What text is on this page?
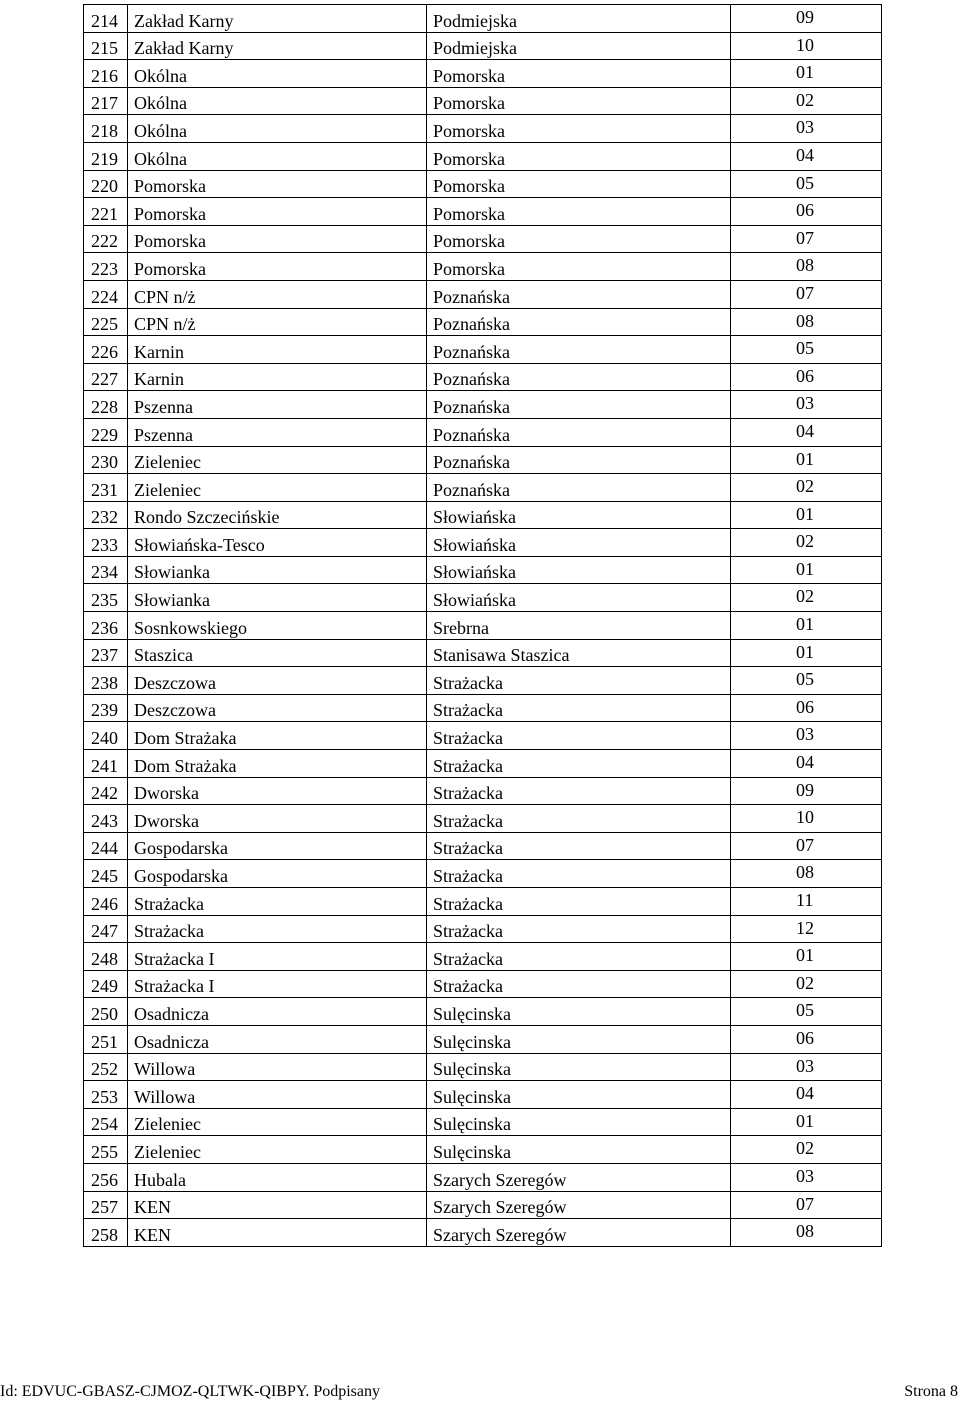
214	Zakład Karny	Podmiejska	09
215	Zakład Karny	Podmiejska	10
216	Okólna	Pomorska	01
217	Okólna	Pomorska	02
218	Okólna	Pomorska	03
219	Okólna	Pomorska	04
220	Pomorska	Pomorska	05
221	Pomorska	Pomorska	06
222	Pomorska	Pomorska	07
223	Pomorska	Pomorska	08
224	CPN n/ż	Poznańska	07
225	CPN n/ż	Poznańska	08
226	Karnin	Poznańska	05
227	Karnin	Poznańska	06
228	Pszenna	Poznańska	03
229	Pszenna	Poznańska	04
230	Zieleniec	Poznańska	01
231	Zieleniec	Poznańska	02
232	Rondo Szczecińskie	Słowiańska	01
233	Słowiańska-Tesco	Słowiańska	02
234	Słowianka	Słowiańska	01
235	Słowianka	Słowiańska	02
236	Sosnkowskiego	Srebrna	01
237	Staszica	Stanisawa Staszica	01
238	Deszczowa	Strażacka	05
239	Deszczowa	Strażacka	06
240	Dom Strażaka	Strażacka	03
241	Dom Strażaka	Strażacka	04
242	Dworska	Strażacka	09
243	Dworska	Strażacka	10
244	Gospodarska	Strażacka	07
245	Gospodarska	Strażacka	08
246	Strażacka	Strażacka	11
247	Strażacka	Strażacka	12
248	Strażacka I	Strażacka	01
249	Strażacka I	Strażacka	02
250	Osadnicza	Sulęcinska	05
251	Osadnicza	Sulęcinska	06
252	Willowa	Sulęcinska	03
253	Willowa	Sulęcinska	04
254	Zieleniec	Sulęcinska	01
255	Zieleniec	Sulęcinska	02
256	Hubala	Szarych Szeregów	03
257	KEN	Szarych Szeregów	07
258	KEN	Szarych Szeregów	08
Id: EDVUC-GBASZ-CJMOZ-QLTWK-QIBPY. Podpisany	Strona 8
